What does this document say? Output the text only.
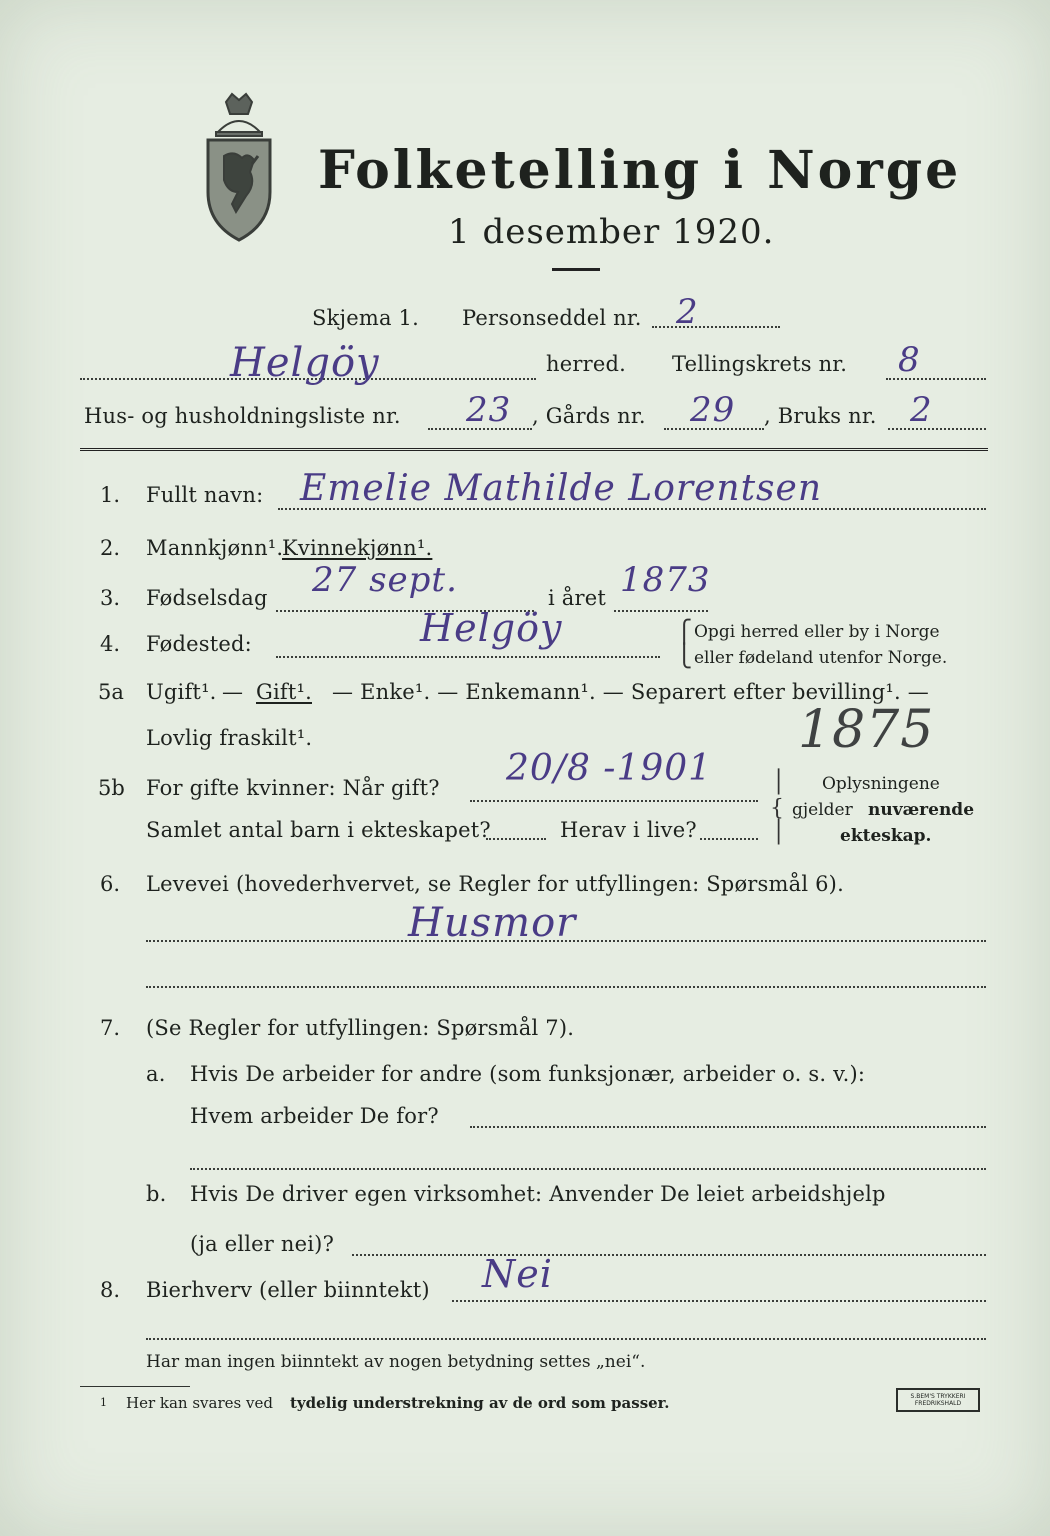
Folketelling i Norge
1 desember 1920.
Skjema 1. Personseddel nr. 2
Helgöy	herred. Tellingskrets nr. 8
Hus- og husholdningsliste nr. 23 , Gårds nr. 29 , Bruks nr. 2
1. Fullt navn: Emelie Mathilde Lorentsen
2. Mannkjønn¹.
Kvinnekjønn¹.
3. Fødselsdag 27 sept.	i året 1873
4. Fødested:	Helgöy	⎧
⎩
Opgi herred eller by i Norge
eller fødeland utenfor Norge.
5a Ugift¹. — Gift¹. — Enke¹. — Enkemann¹. — Separert efter bevilling¹. —
Lovlig fraskilt¹.	1875
5b For gifte kvinner: Når gift? 20/8 -1901
Samlet antal barn i ekteskapet?	Herav i live?
│
{
│
Oplysningene
gjelder nuværende
ekteskap.
6. Levevei (hovederhvervet, se Regler for utfyllingen: Spørsmål 6).
Husmor
7. (Se Regler for utfyllingen: Spørsmål 7).
a. Hvis De arbeider for andre (som funksjonær, arbeider o. s. v.):
Hvem arbeider De for?
b. Hvis De driver egen virksomhet: Anvender De leiet arbeidshjelp
(ja eller nei)?
8. Bierhverv (eller biinntekt) Nei
Har man ingen biinntekt av nogen betydning settes „nei“.
1 Her kan svares ved tydelig understrekning av de ord som passer.	S.BEM'S TRYKKERI
FREDRIKSHALD
